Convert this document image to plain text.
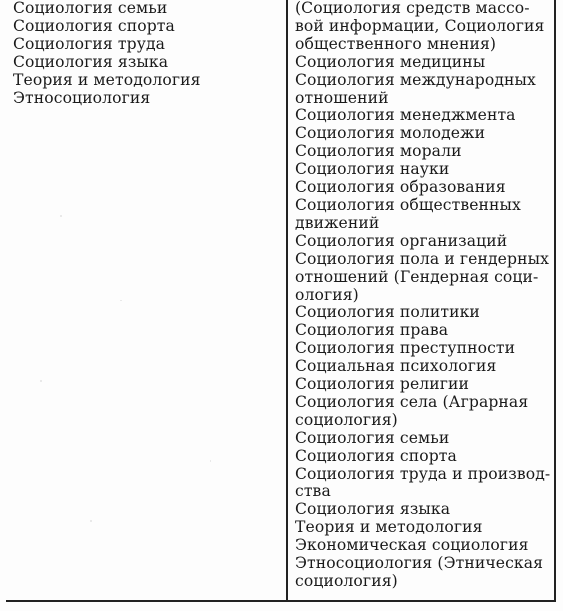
Социология семьи
Социология спорта
Социология труда
Социология языка
Теория и методология
Этносоциология
(Социология средств массо-
вой информации, Социология
общественного мнения)
Социология медицины
Социология международных
отношений
Социология менеджмента
Социология молодежи
Социология морали
Социология науки
Социология образования
Социология общественных
движений
Социология организаций
Социология пола и гендерных
отношений (Гендерная соци-
ология)
Социология политики
Социология права
Социология преступности
Социальная психология
Социология религии
Социология села (Аграрная
социология)
Социология семьи
Социология спорта
Социология труда и производ-
ства
Социология языка
Теория и методология
Экономическая социология
Этносоциология (Этническая
социология)
